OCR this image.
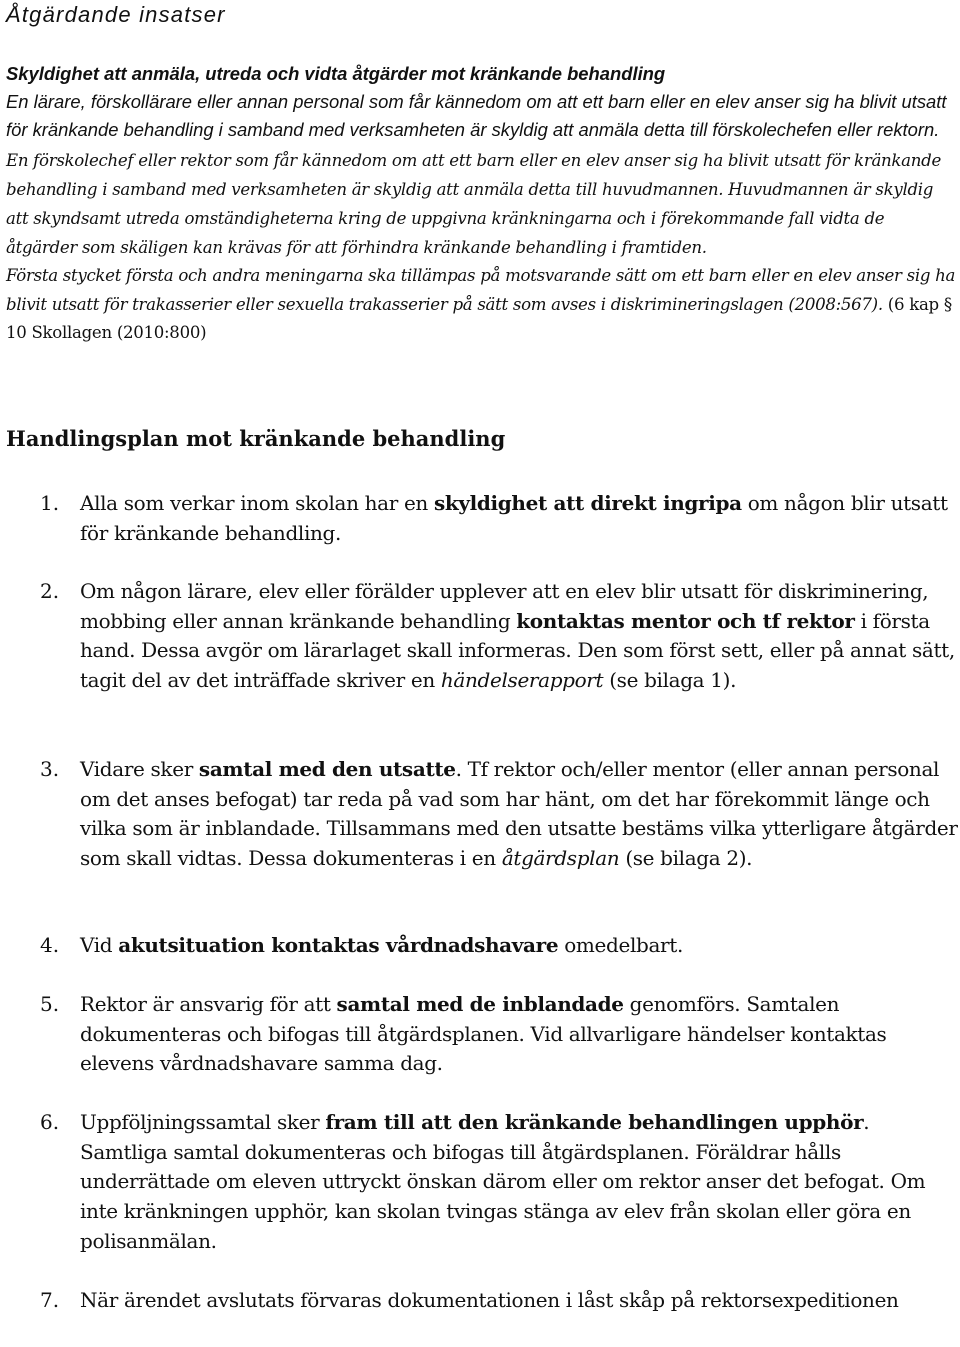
Åtgärdande insatser
Skyldighet att anmäla, utreda och vidta åtgärder mot kränkande behandling

En lärare, förskollärare eller annan personal som får kännedom om att ett barn eller en elev anser sig ha blivit utsatt för kränkande behandling i samband med verksamheten är skyldig att anmäla detta till förskolechefen eller rektorn. En förskolechef eller rektor som får kännedom om att ett barn eller en elev anser sig ha blivit utsatt för kränkande behandling i samband med verksamheten är skyldig att anmäla detta till huvudmannen. Huvudmannen är skyldig att skyndsamt utreda omständigheterna kring de uppgivna kränkningarna och i förekommande fall vidta de åtgärder som skäligen kan krävas för att förhindra kränkande behandling i framtiden.

Första stycket första och andra meningarna ska tillämpas på motsvarande sätt om ett barn eller en elev anser sig ha blivit utsatt för trakasserier eller sexuella trakasserier på sätt som avses i diskrimineringslagen (2008:567). (6 kap § 10 Skollagen (2010:800)

Handlingsplan mot kränkande behandling
1. Alla som verkar inom skolan har en skyldighet att direkt ingripa om någon blir utsatt för kränkande behandling.
2. Om någon lärare, elev eller förälder upplever att en elev blir utsatt för diskriminering, mobbing eller annan kränkande behandling kontaktas mentor och tf rektor i första hand. Dessa avgör om lärarlaget skall informeras. Den som först sett, eller på annat sätt, tagit del av det inträffade skriver en händelserapport (se bilaga 1).
3. Vidare sker samtal med den utsatte. Tf rektor och/eller mentor (eller annan personal om det anses befogat) tar reda på vad som har hänt, om det har förekommit länge och vilka som är inblandade. Tillsammans med den utsatte bestäms vilka ytterligare åtgärder som skall vidtas. Dessa dokumenteras i en åtgärdsplan (se bilaga 2).
4. Vid akutsituation kontaktas vårdnadshavare omedelbart.
5. Rektor är ansvarig för att samtal med de inblandade genomförs. Samtalen dokumenteras och bifogas till åtgärdsplanen. Vid allvarligare händelser kontaktas elevens vårdnadshavare samma dag.
6. Uppföljningssamtal sker fram till att den kränkande behandlingen upphör. Samtliga samtal dokumenteras och bifogas till åtgärdsplanen. Föräldrar hålls underrättade om eleven uttryckt önskan därom eller om rektor anser det befogat. Om inte kränkningen upphör, kan skolan tvingas stänga av elev från skolan eller göra en polisanmälan.
7. När ärendet avslutats förvaras dokumentationen i låst skåp på rektorsexpeditionen
